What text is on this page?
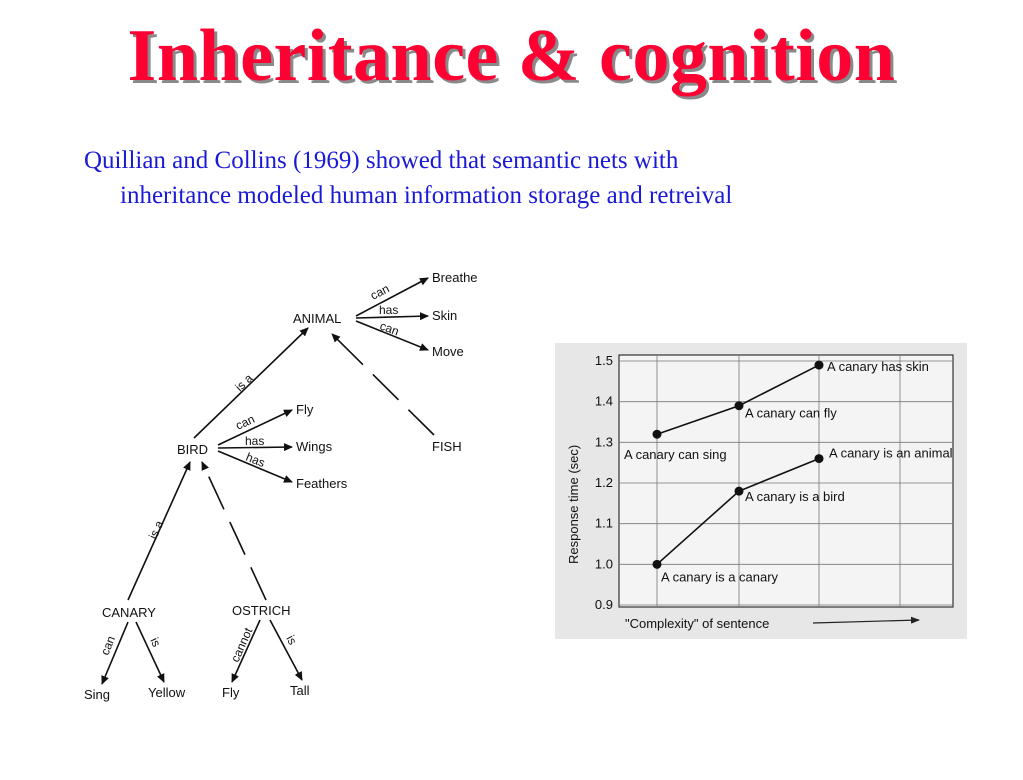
Inheritance & cognition
Quillian and Collins (1969) showed that semantic nets with
inheritance modeled human information storage and retreival
ANIMAL
Breathe
Skin
Move
BIRD
Fly
Wings
Feathers
FISH
CANARY	OSTRICH
Sing	Yellow	Fly	Tall
can
has
can
is a
can
has
has
is a
can is	cannot is
1.5
1.4
1.3
1.2
1.1
1.0
0.9
A canary can sing
A canary can fly
A canary has skin
A canary is a canary
A canary is a bird
A canary is an animal
Response time (sec)
"Complexity" of sentence
